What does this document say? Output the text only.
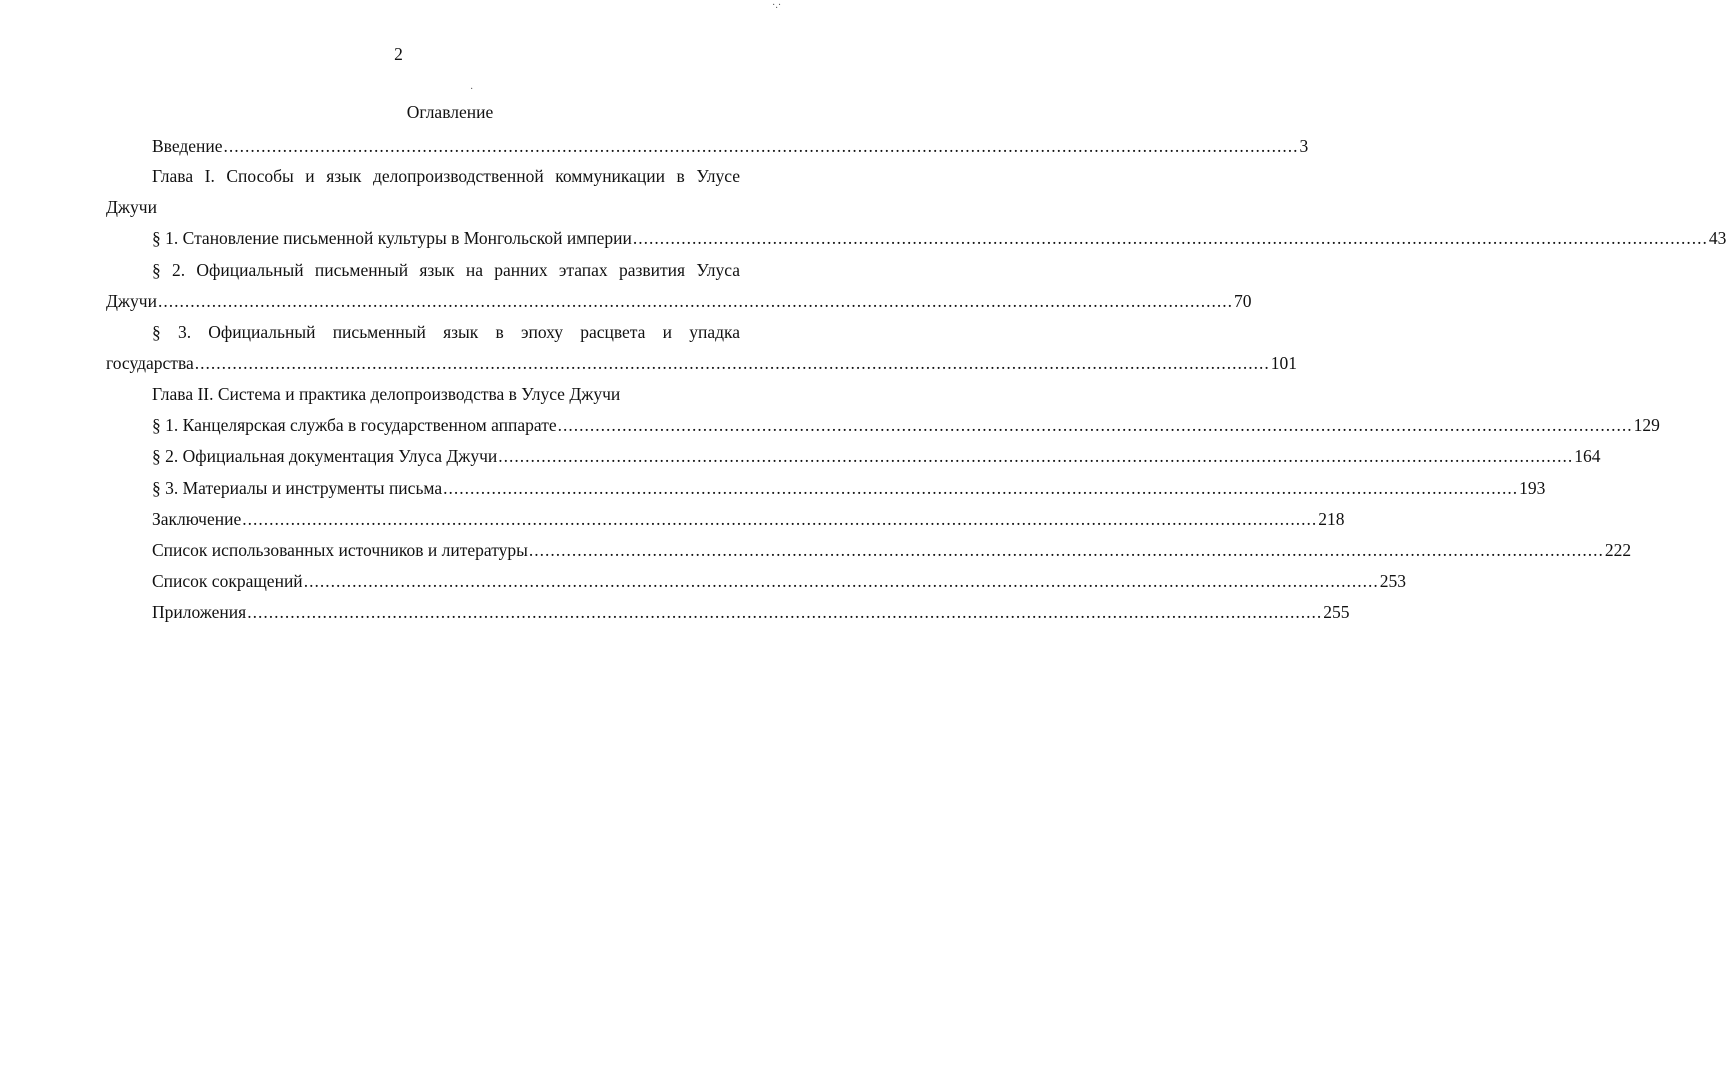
2
Оглавление
Введение ........................................................................................................................................................................................................ 3
Глава I. Способы и язык делопроизводственной коммуникации в Улусе
Джучи
§ 1. Становление письменной культуры в Монгольской империи ........................................................................................................................................................................................................ 43
§ 2. Официальный письменный язык на ранних этапах развития Улуса
Джучи ........................................................................................................................................................................................................ 70
§ 3. Официальный письменный язык в эпоху расцвета и упадка
государства ........................................................................................................................................................................................................ 101
Глава II. Система и практика делопроизводства в Улусе Джучи
§ 1. Канцелярская служба в государственном аппарате ........................................................................................................................................................................................................ 129
§ 2. Официальная документация Улуса Джучи ........................................................................................................................................................................................................ 164
§ 3. Материалы и инструменты письма ........................................................................................................................................................................................................ 193
Заключение ........................................................................................................................................................................................................ 218
Список использованных источников и литературы ........................................................................................................................................................................................................ 222
Список сокращений ........................................................................................................................................................................................................ 253
Приложения ........................................................................................................................................................................................................ 255
·.·
·
